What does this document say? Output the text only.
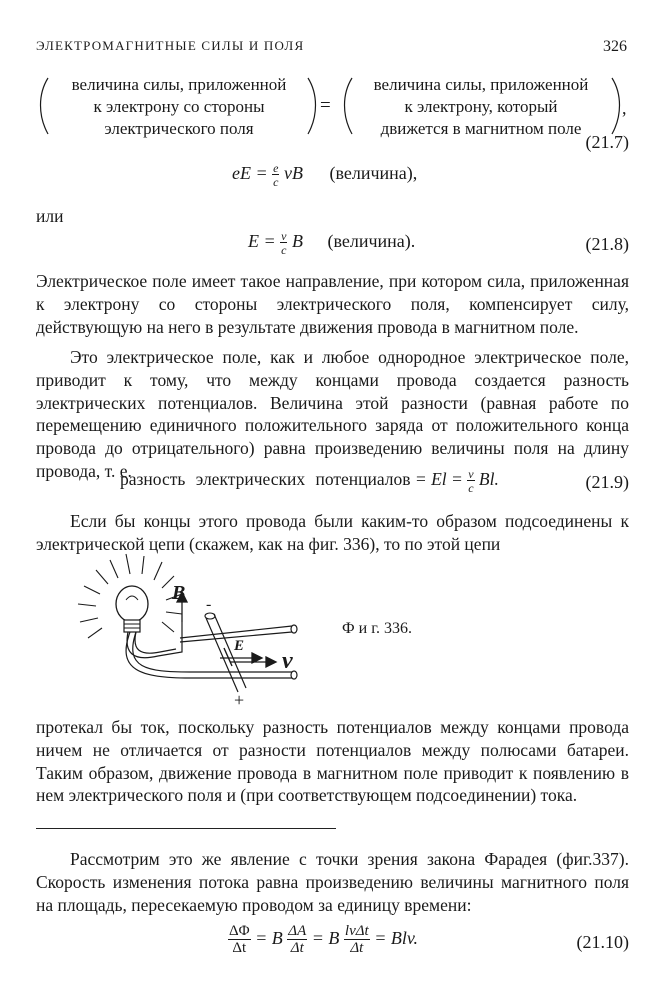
ЭЛЕКТРОМАГНИТНЫЕ СИЛЫ И ПОЛЯ	326
величина силы, приложенной
к электрону со стороны
электрического поля
=
величина силы, приложенной
к электрону, который
движется в магнитном поле
,
(21.7)
eE = $\frac{e}{c}$ vB (величина),
или
$E = \frac{v}{c}$ B (величина).	(21.8)
Электрическое поле имеет такое направление, при котором сила, приложенная к электрону со стороны электрического поля, компенсирует силу, действующую на него в результате движения провода в магнитном поле.
Это электрическое поле, как и любое однородное электрическое поле, приводит к тому, что между концами провода создается разность электрических потенциалов. Величина этой разности (равная работе по перемещению единичного положительного заряда от положительного конца провода до отрицательного) равна произведению величины поля на длину провода, т. е.
разность электрических потенциалов = $El = \frac{v}{c} Bl$.	(21.9)
Если бы концы этого провода были каким-то образом подсоединены к электрической цепи (скажем, как на фиг. 336), то по этой цепи
B
E
v
-
+
Ф и г. 336.
протекал бы ток, поскольку разность потенциалов между концами провода ничем не отличается от разности потенциалов между полюсами батареи. Таким образом, движение провода в магнитном поле приводит к появлению в нем электрического поля и (при соответствующем подсоединении) тока.
Рассмотрим это же явление с точки зрения закона Фарадея (фиг.337). Скорость изменения потока равна произведению величины магнитного поля на площадь, пересекаемую проводом за единицу времени:
$\frac{\Delta\Phi}{\Delta t} = B \frac{\Delta A}{\Delta t} = B \frac{\text{lvΔt}}{\Delta t}$ = Blv.	(21.10)
